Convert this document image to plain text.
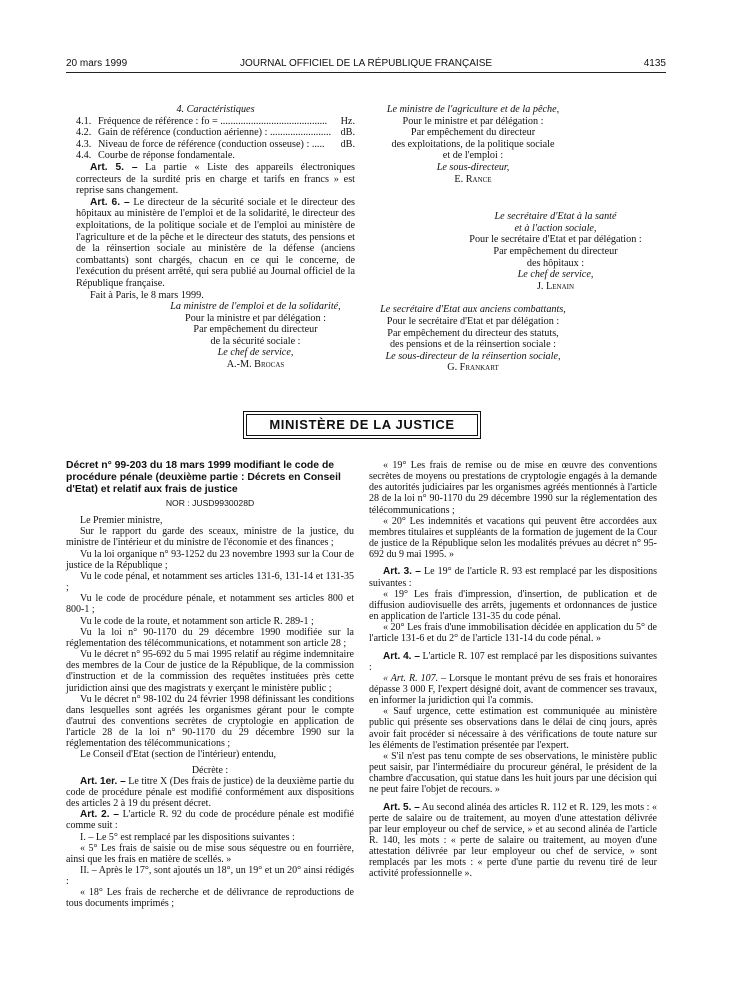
20 mars 1999	JOURNAL OFFICIEL DE LA RÉPUBLIQUE FRANÇAISE	4135

4. Caractéristiques

4.1. Fréquence de référence : fo = ..........................................	Hz.
4.2. Gain de référence (conduction aérienne) : ........................ dB.
4.3. Niveau de force de référence (conduction osseuse) : .....	dB.
4.4. Courbe de réponse fondamentale.

Art. 5. – La partie « Liste des appareils électroniques correcteurs de la surdité pris en charge et tarifs en francs » est reprise sans changement.

Art. 6. – Le directeur de la sécurité sociale et le directeur des hôpitaux au ministère de l'emploi et de la solidarité, le directeur des exploitations, de la politique sociale et de l'emploi au ministère de l'agriculture et de la pêche et le directeur des statuts, des pensions et de la réinsertion sociale au ministère de la défense (anciens combattants) sont chargés, chacun en ce qui le concerne, de l'exécution du présent arrêté, qui sera publié au Journal officiel de la République française.

Fait à Paris, le 8 mars 1999.

La ministre de l'emploi et de la solidarité,

Pour la ministre et par délégation :

Par empêchement du directeur

de la sécurité sociale :

Le chef de service,

A.-M. Brocas

Le ministre de l'agriculture et de la pêche,

Pour le ministre et par délégation :

Par empêchement du directeur

des exploitations, de la politique sociale

et de l'emploi :

Le sous-directeur,

E. Rance

Le secrétaire d'Etat à la santé

et à l'action sociale,

Pour le secrétaire d'Etat et par délégation :

Par empêchement du directeur

des hôpitaux :

Le chef de service,

J. Lenain

Le secrétaire d'Etat aux anciens combattants,

Pour le secrétaire d'Etat et par délégation :

Par empêchement du directeur des statuts,

des pensions et de la réinsertion sociale :

Le sous-directeur de la réinsertion sociale,

G. Frankart

MINISTÈRE DE LA JUSTICE

Décret n° 99-203 du 18 mars 1999 modifiant le code de procédure pénale (deuxième partie : Décrets en Conseil d'Etat) et relatif aux frais de justice

NOR : JUSD9930028D

Le Premier ministre,

Sur le rapport du garde des sceaux, ministre de la justice, du ministre de l'intérieur et du ministre de l'économie et des finances ;

Vu la loi organique n° 93-1252 du 23 novembre 1993 sur la Cour de justice de la République ;

Vu le code pénal, et notamment ses articles 131-6, 131-14 et 131-35 ;

Vu le code de procédure pénale, et notamment ses articles 800 et 800-1 ;

Vu le code de la route, et notamment son article R. 289-1 ;

Vu la loi n° 90-1170 du 29 décembre 1990 modifiée sur la réglementation des télécommunications, et notamment son article 28 ;

Vu le décret n° 95-692 du 5 mai 1995 relatif au régime indemnitaire des membres de la Cour de justice de la République, de la commission d'instruction et de la commission des requêtes instituées près cette juridiction ainsi que des magistrats y exerçant le ministère public ;

Vu le décret n° 98-102 du 24 février 1998 définissant les conditions dans lesquelles sont agréés les organismes gérant pour le compte d'autrui des conventions secrètes de cryptologie en application de l'article 28 de la loi n° 90-1170 du 29 décembre 1990 sur la réglementation des télécommunications ;

Le Conseil d'Etat (section de l'intérieur) entendu,

Décrète :

Art. 1er. – Le titre X (Des frais de justice) de la deuxième partie du code de procédure pénale est modifié conformément aux dispositions des articles 2 à 19 du présent décret.

Art. 2. – L'article R. 92 du code de procédure pénale est modifié comme suit :

I. – Le 5° est remplacé par les dispositions suivantes :

« 5° Les frais de saisie ou de mise sous séquestre ou en fourrière, ainsi que les frais en matière de scellés. »

II. – Après le 17°, sont ajoutés un 18°, un 19° et un 20° ainsi rédigés :

« 18° Les frais de recherche et de délivrance de reproductions de tous documents imprimés ;

« 19° Les frais de remise ou de mise en œuvre des conventions secrètes de moyens ou prestations de cryptologie engagés à la demande des autorités judiciaires par les organismes agréés mentionnés à l'article 28 de la loi n° 90-1170 du 29 décembre 1990 sur la réglementation des télécommunications ;

« 20° Les indemnités et vacations qui peuvent être accordées aux membres titulaires et suppléants de la formation de jugement de la Cour de justice de la République selon les modalités prévues au décret n° 95-692 du 9 mai 1995. »

Art. 3. – Le 19° de l'article R. 93 est remplacé par les dispositions suivantes :

« 19° Les frais d'impression, d'insertion, de publication et de diffusion audiovisuelle des arrêts, jugements et ordonnances de justice en application de l'article 131-35 du code pénal.

« 20° Les frais d'une immobilisation décidée en application du 5° de l'article 131-6 et du 2° de l'article 131-14 du code pénal. »

Art. 4. – L'article R. 107 est remplacé par les dispositions suivantes :

« Art. R. 107. – Lorsque le montant prévu de ses frais et honoraires dépasse 3 000 F, l'expert désigné doit, avant de commencer ses travaux, en informer la juridiction qui l'a commis.

« Sauf urgence, cette estimation est communiquée au ministère public qui présente ses observations dans le délai de cinq jours, après avoir fait procéder si nécessaire à des vérifications de toute nature sur les éléments de l'estimation présentée par l'expert.

« S'il n'est pas tenu compte de ses observations, le ministère public peut saisir, par l'intermédiaire du procureur général, le président de la chambre d'accusation, qui statue dans les huit jours par une décision qui ne peut faire l'objet de recours. »

Art. 5. – Au second alinéa des articles R. 112 et R. 129, les mots : « perte de salaire ou de traitement, au moyen d'une attestation délivrée par leur employeur ou chef de service, » et au second alinéa de l'article R. 140, les mots : « perte de salaire ou traitement, au moyen d'une attestation délivrée par leur employeur ou chef de service, » sont remplacés par les mots : « perte d'une partie du revenu tiré de leur activité professionnelle ».
